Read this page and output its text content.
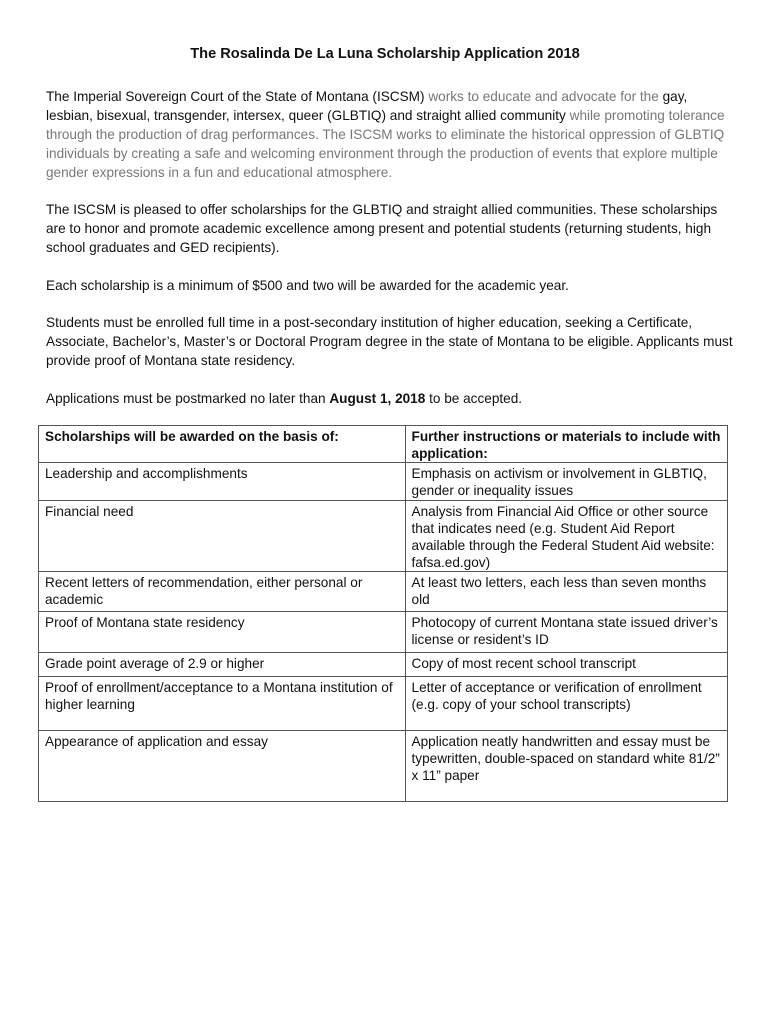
The Rosalinda De La Luna Scholarship Application 2018
The Imperial Sovereign Court of the State of Montana (ISCSM) works to educate and advocate for the gay, lesbian, bisexual, transgender, intersex, queer (GLBTIQ) and straight allied community while promoting tolerance through the production of drag performances. The ISCSM works to eliminate the historical oppression of GLBTIQ individuals by creating a safe and welcoming environment through the production of events that explore multiple gender expressions in a fun and educational atmosphere.
The ISCSM is pleased to offer scholarships for the GLBTIQ and straight allied communities. These scholarships are to honor and promote academic excellence among present and potential students (returning students, high school graduates and GED recipients).
Each scholarship is a minimum of $500 and two will be awarded for the academic year.
Students must be enrolled full time in a post-secondary institution of higher education, seeking a Certificate, Associate, Bachelor’s, Master’s or Doctoral Program degree in the state of Montana to be eligible. Applicants must provide proof of Montana state residency.
Applications must be postmarked no later than August 1, 2018 to be accepted.
Scholarships will be awarded on the basis of:	Further instructions or materials to include with application:
Leadership and accomplishments	Emphasis on activism or involvement in GLBTIQ, gender or inequality issues
Financial need	Analysis from Financial Aid Office or other source that indicates need (e.g. Student Aid Report available through the Federal Student Aid website: fafsa.ed.gov)
Recent letters of recommendation, either personal or academic	At least two letters, each less than seven months old
Proof of Montana state residency	Photocopy of current Montana state issued driver’s license or resident’s ID
Grade point average of 2.9 or higher	Copy of most recent school transcript
Proof of enrollment/acceptance to a Montana institution of higher learning	Letter of acceptance or verification of enrollment (e.g. copy of your school transcripts)
Appearance of application and essay	Application neatly handwritten and essay must be typewritten, double-spaced on standard white 81/2” x 11” paper
